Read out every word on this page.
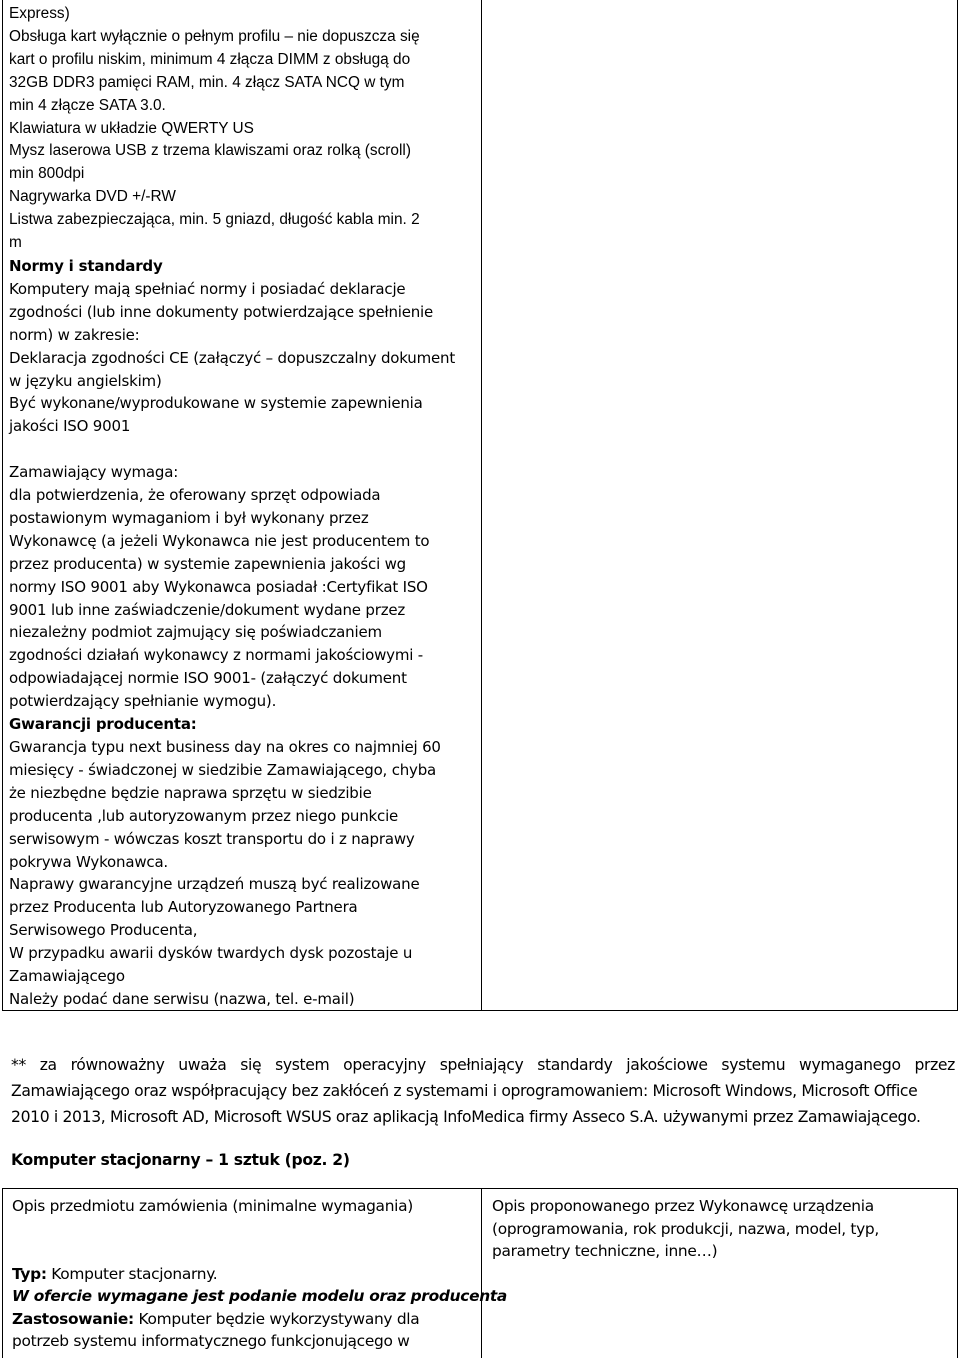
Express)
Obsługa kart wyłącznie o pełnym profilu – nie dopuszcza się
kart o profilu niskim, minimum 4 złącza DIMM z obsługą do
32GB DDR3 pamięci RAM, min. 4 złącz SATA NCQ w tym
min 4 złącze SATA 3.0.
Klawiatura w układzie QWERTY US
Mysz laserowa USB z trzema klawiszami oraz rolką (scroll)
min 800dpi
Nagrywarka DVD +/-RW
Listwa zabezpieczająca, min. 5 gniazd, długość kabla min. 2
m
Normy i standardy
Komputery mają spełniać normy i posiadać deklaracje
zgodności (lub inne dokumenty potwierdzające spełnienie
norm) w zakresie:
Deklaracja zgodności CE (załączyć – dopuszczalny dokument
w języku angielskim)
Być wykonane/wyprodukowane w systemie zapewnienia
jakości ISO 9001
Zamawiający wymaga:
dla potwierdzenia, że oferowany sprzęt odpowiada
postawionym wymaganiom i był wykonany przez
Wykonawcę (a jeżeli Wykonawca nie jest producentem to
przez producenta) w systemie zapewnienia jakości wg
normy ISO 9001 aby Wykonawca posiadał :Certyfikat ISO
9001 lub inne zaświadczenie/dokument wydane przez
niezależny podmiot zajmujący się poświadczaniem
zgodności działań wykonawcy z normami jakościowymi -
odpowiadającej normie ISO 9001- (załączyć dokument
potwierdzający spełnianie wymogu).
Gwarancji producenta:
Gwarancja typu next business day na okres co najmniej 60
miesięcy - świadczonej w siedzibie Zamawiającego, chyba
że niezbędne będzie naprawa sprzętu w siedzibie
producenta ,lub autoryzowanym przez niego punkcie
serwisowym - wówczas koszt transportu do i z naprawy
pokrywa Wykonawca.
Naprawy gwarancyjne urządzeń muszą być realizowane
przez Producenta lub Autoryzowanego Partnera
Serwisowego Producenta,
W przypadku awarii dysków twardych dysk pozostaje u
Zamawiającego
Należy podać dane serwisu (nazwa, tel. e-mail)
** za równoważny uważa się system operacyjny spełniający standardy jakościowe systemu wymaganego przez
Zamawiającego oraz współpracujący bez zakłóceń z systemami i oprogramowaniem: Microsoft Windows, Microsoft Office
2010 i 2013, Microsoft AD, Microsoft WSUS oraz aplikacją InfoMedica firmy Asseco S.A. używanymi przez Zamawiającego.
Komputer stacjonarny – 1 sztuk (poz. 2)
Opis przedmiotu zamówienia (minimalne wymagania)

Typ: Komputer stacjonarny.
W ofercie wymagane jest podanie modelu oraz producenta
Zastosowanie: Komputer będzie wykorzystywany dla
potrzeb systemu informatycznego funkcjonującego w
Opis proponowanego przez Wykonawcę urządzenia
(oprogramowania, rok produkcji, nazwa, model, typ,
parametry techniczne, inne…)
